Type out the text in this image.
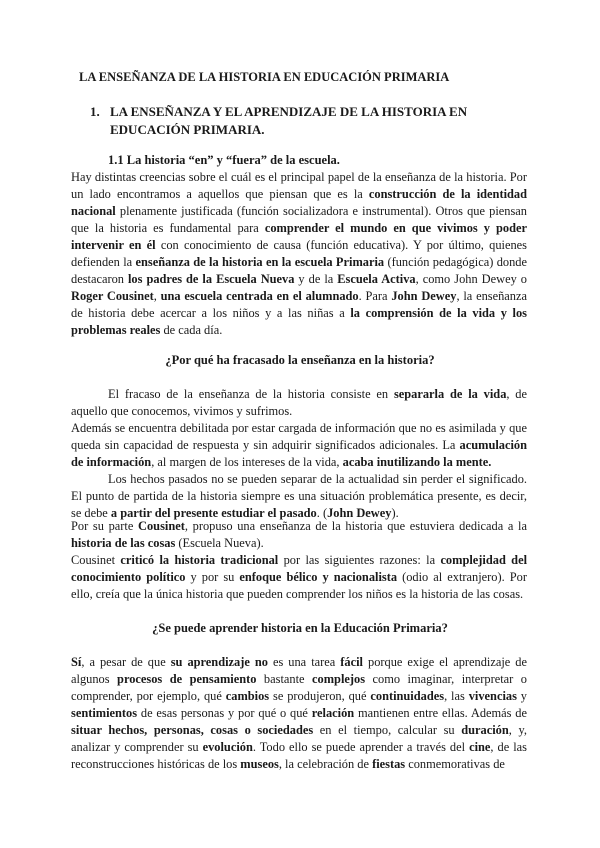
LA ENSEÑANZA DE LA HISTORIA EN EDUCACIÓN PRIMARIA
1. LA ENSEÑANZA Y EL APRENDIZAJE DE LA HISTORIA EN EDUCACIÓN PRIMARIA.
1.1 La historia “en” y “fuera” de la escuela.

Hay distintas creencias sobre el cuál es el principal papel de la enseñanza de la historia. Por un lado encontramos a aquellos que piensan que es la construcción de la identidad nacional plenamente justificada (función socializadora e instrumental). Otros que piensan que la historia es fundamental para comprender el mundo en que vivimos y poder intervenir en él con conocimiento de causa (función educativa). Y por último, quienes defienden la enseñanza de la historia en la escuela Primaria (función pedagógica) donde destacaron los padres de la Escuela Nueva y de la Escuela Activa, como John Dewey o Roger Cousinet, una escuela centrada en el alumnado. Para John Dewey, la enseñanza de historia debe acercar a los niños y a las niñas a la comprensión de la vida y los problemas reales de cada día.

¿Por qué ha fracasado la enseñanza en la historia?

El fracaso de la enseñanza de la historia consiste en separarla de la vida, de aquello que conocemos, vivimos y sufrimos.

Además se encuentra debilitada por estar cargada de información que no es asimilada y que queda sin capacidad de respuesta y sin adquirir significados adicionales. La acumulación de información, al margen de los intereses de la vida, acaba inutilizando la mente.

Los hechos pasados no se pueden separar de la actualidad sin perder el significado. El punto de partida de la historia siempre es una situación problemática presente, es decir, se debe a partir del presente estudiar el pasado. (John Dewey).

Por su parte Cousinet, propuso una enseñanza de la historia que estuviera dedicada a la historia de las cosas (Escuela Nueva).

Cousinet criticó la historia tradicional por las siguientes razones: la complejidad del conocimiento político y por su enfoque bélico y nacionalista (odio al extranjero). Por ello, creía que la única historia que pueden comprender los niños es la historia de las cosas.

¿Se puede aprender historia en la Educación Primaria?

Sí, a pesar de que su aprendizaje no es una tarea fácil porque exige el aprendizaje de algunos procesos de pensamiento bastante complejos como imaginar, interpretar o comprender, por ejemplo, qué cambios se produjeron, qué continuidades, las vivencias y sentimientos de esas personas y por qué o qué relación mantienen entre ellas. Además de situar hechos, personas, cosas o sociedades en el tiempo, calcular su duración, y, analizar y comprender su evolución. Todo ello se puede aprender a través del cine, de las reconstrucciones históricas de los museos, la celebración de fiestas conmemorativas de
